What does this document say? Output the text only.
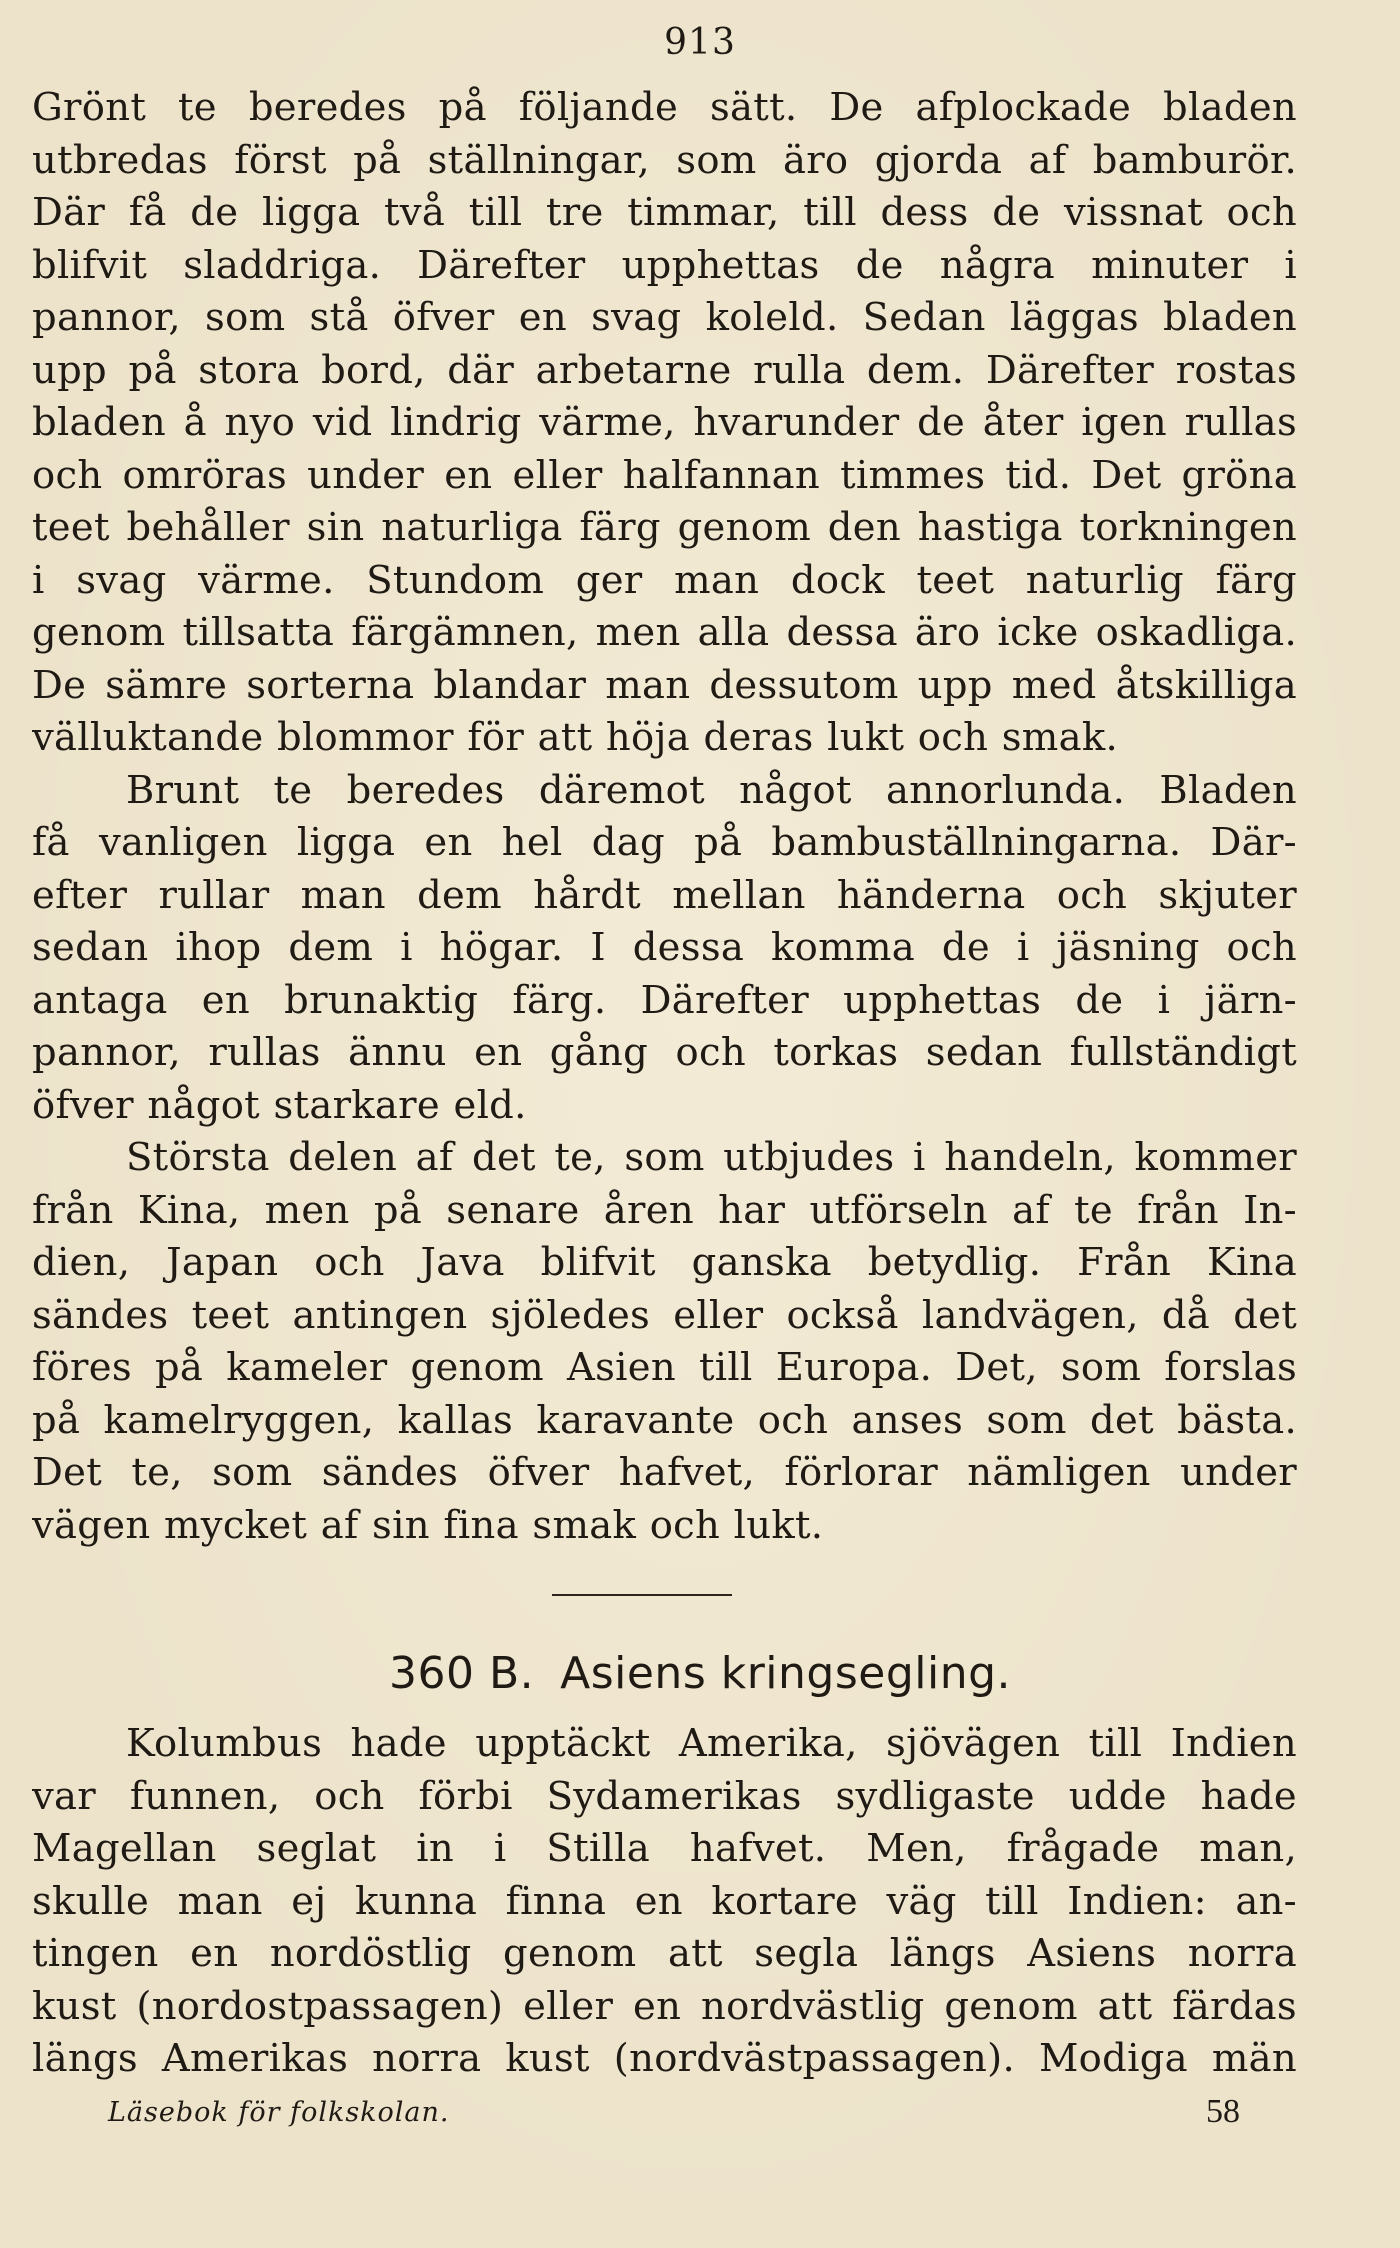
913
Grönt te beredes på följande sätt. De afplockade bladen
utbredas först på ställningar, som äro gjorda af bamburör.
Där få de ligga två till tre timmar, till dess de vissnat och
blifvit sladdriga. Därefter upphettas de några minuter i
pannor, som stå öfver en svag koleld. Sedan läggas bladen
upp på stora bord, där arbetarne rulla dem. Därefter rostas
bladen å nyo vid lindrig värme, hvarunder de åter igen rullas
och omröras under en eller halfannan timmes tid. Det gröna
teet behåller sin naturliga färg genom den hastiga torkningen
i svag värme. Stundom ger man dock teet naturlig färg
genom tillsatta färgämnen, men alla dessa äro icke oskadliga.
De sämre sorterna blandar man dessutom upp med åtskilliga
välluktande blommor för att höja deras lukt och smak.
Brunt te beredes däremot något annorlunda. Bladen
få vanligen ligga en hel dag på bambuställningarna. Där-
efter rullar man dem hårdt mellan händerna och skjuter
sedan ihop dem i högar. I dessa komma de i jäsning och
antaga en brunaktig färg. Därefter upphettas de i järn-
pannor, rullas ännu en gång och torkas sedan fullständigt
öfver något starkare eld.
Största delen af det te, som utbjudes i handeln, kommer
från Kina, men på senare åren har utförseln af te från In-
dien, Japan och Java blifvit ganska betydlig. Från Kina
sändes teet antingen sjöledes eller också landvägen, då det
föres på kameler genom Asien till Europa. Det, som forslas
på kamelryggen, kallas karavante och anses som det bästa.
Det te, som sändes öfver hafvet, förlorar nämligen under
vägen mycket af sin fina smak och lukt.
360 B. Asiens kringsegling.
Kolumbus hade upptäckt Amerika, sjövägen till Indien
var funnen, och förbi Sydamerikas sydligaste udde hade
Magellan seglat in i Stilla hafvet. Men, frågade man,
skulle man ej kunna finna en kortare väg till Indien: an-
tingen en nordöstlig genom att segla längs Asiens norra
kust (nordostpassagen) eller en nordvästlig genom att färdas
längs Amerikas norra kust (nordvästpassagen). Modiga män
Läsebok för folkskolan.	58
